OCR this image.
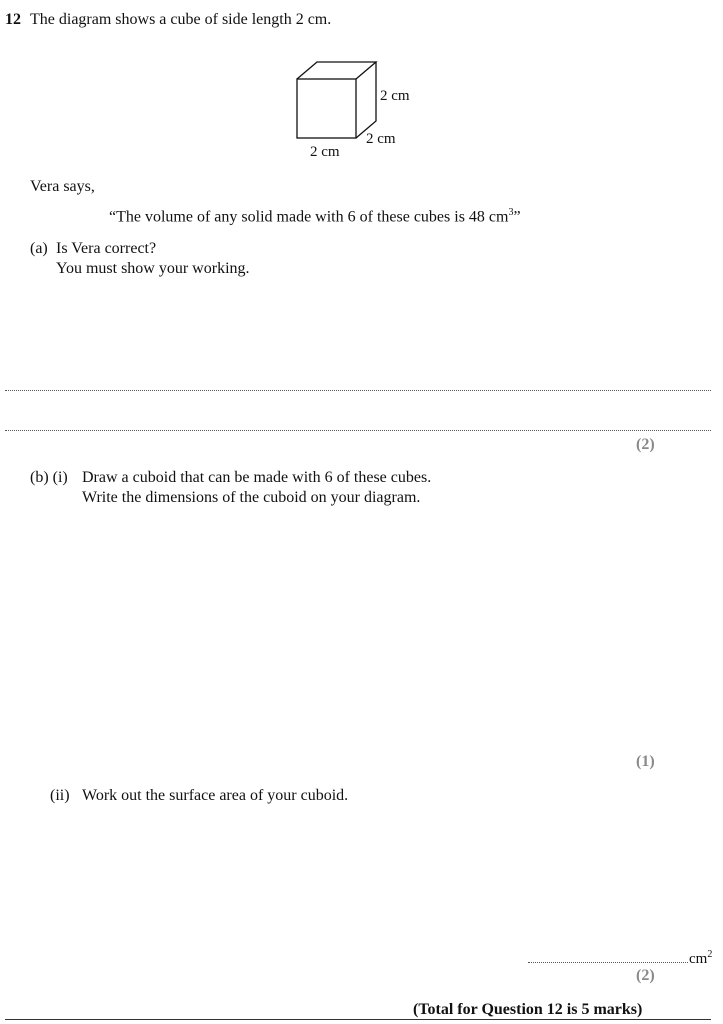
12 The diagram shows a cube of side length 2 cm.
2 cm
2 cm
2 cm
Vera says,
“The volume of any solid made with 6 of these cubes is 48 $cm^3$”
(a) Is Vera correct?
You must show your working.
(2)
(b) (i) Draw a cuboid that can be made with 6 of these cubes.
Write the dimensions of the cuboid on your diagram.
(1)
(ii) Work out the surface area of your cuboid.
$cm^2$
(2)
(Total for Question 12 is 5 marks)
